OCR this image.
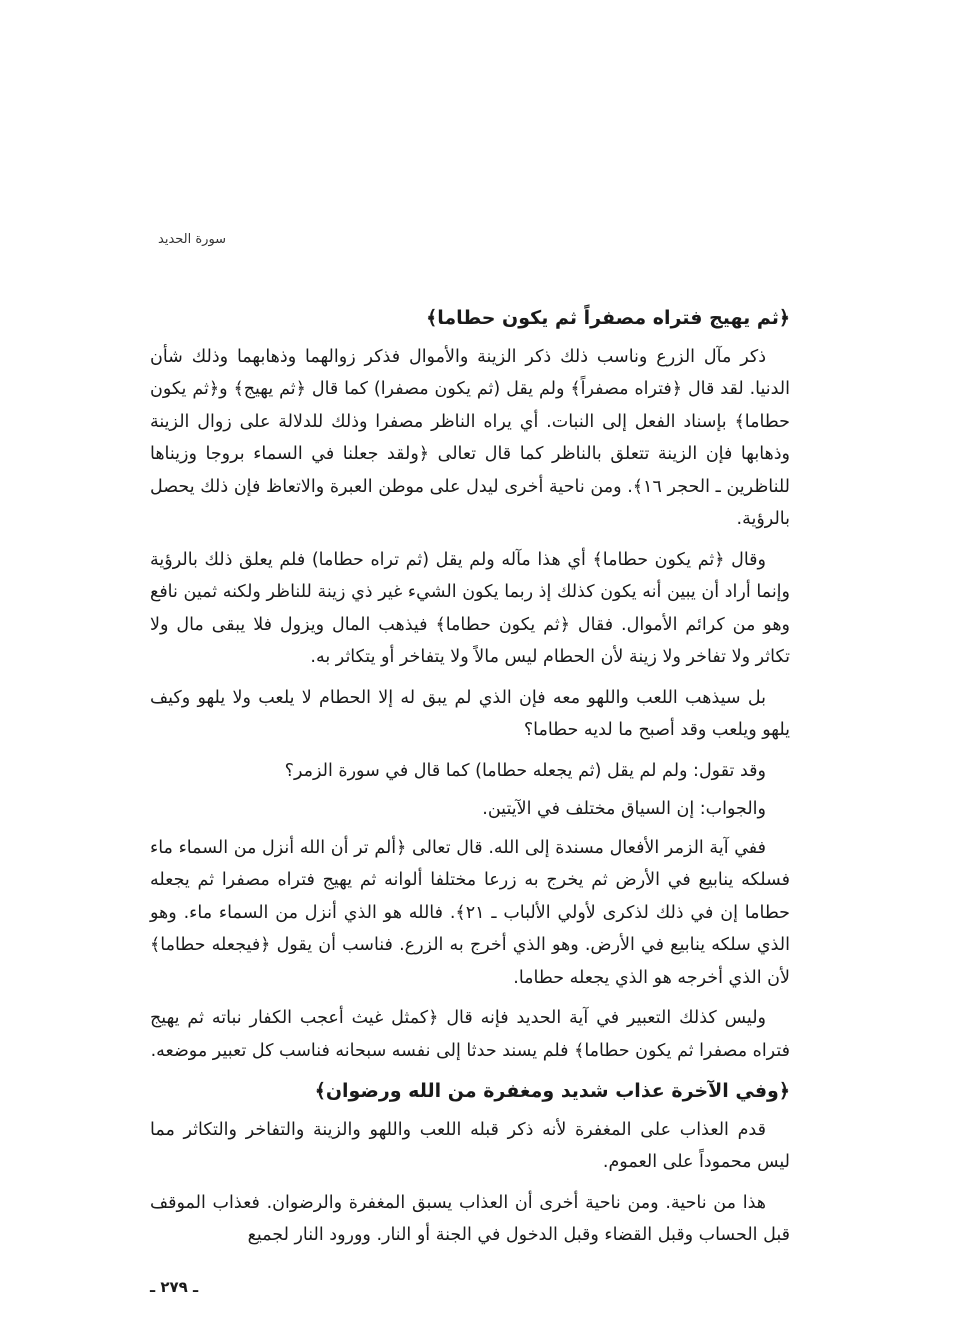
سورة الحديد

﴿ثم يهيج فتراه مصفراً ثم يكون حطاما﴾

ذكر مآل الزرع وناسب ذلك ذكر الزينة والأموال فذكر زوالهما وذهابهما وذلك شأن الدنيا. لقد قال ﴿فتراه مصفراً﴾ ولم يقل (ثم يكون مصفرا) كما قال ﴿ثم يهيج﴾ و﴿ثم يكون حطاما﴾ بإسناد الفعل إلى النبات. أي يراه الناظر مصفرا وذلك للدلالة على زوال الزينة وذهابها فإن الزينة تتعلق بالناظر كما قال تعالى ﴿ولقد جعلنا في السماء بروجا وزيناها للناظرين ـ الحجر ١٦﴾. ومن ناحية أخرى ليدل على موطن العبرة والاتعاظ فإن ذلك يحصل بالرؤية.

وقال ﴿ثم يكون حطاما﴾ أي هذا مآله ولم يقل (ثم تراه حطاما) فلم يعلق ذلك بالرؤية وإنما أراد أن يبين أنه يكون كذلك إذ ربما يكون الشيء غير ذي زينة للناظر ولكنه ثمين نافع وهو من كرائم الأموال. فقال ﴿ثم يكون حطاما﴾ فيذهب المال ويزول فلا يبقى مال ولا تكاثر ولا تفاخر ولا زينة لأن الحطام ليس مالاً ولا يتفاخر أو يتكاثر به.

بل سيذهب اللعب واللهو معه فإن الذي لم يبق له إلا الحطام لا يلعب ولا يلهو وكيف يلهو ويلعب وقد أصبح ما لديه حطاما؟

وقد تقول: ولم لم يقل (ثم يجعله حطاما) كما قال في سورة الزمر؟

والجواب: إن السياق مختلف في الآيتين.

ففي آية الزمر الأفعال مسندة إلى الله. قال تعالى ﴿ألم تر أن الله أنزل من السماء ماء فسلكه ينابيع في الأرض ثم يخرج به زرعا مختلفا ألوانه ثم يهيج فتراه مصفرا ثم يجعله حطاما إن في ذلك لذكرى لأولي الألباب ـ ٢١﴾. فالله هو الذي أنزل من السماء ماء. وهو الذي سلكه ينابيع في الأرض. وهو الذي أخرج به الزرع. فناسب أن يقول ﴿فيجعله حطاما﴾ لأن الذي أخرجه هو الذي يجعله حطاما.

وليس كذلك التعبير في آية الحديد فإنه قال ﴿كمثل غيث أعجب الكفار نباته ثم يهيج فتراه مصفرا ثم يكون حطاما﴾ فلم يسند حدثا إلى نفسه سبحانه فناسب كل تعبير موضعه.

﴿وفي الآخرة عذاب شديد ومغفرة من الله ورضوان﴾

قدم العذاب على المغفرة لأنه ذكر قبله اللعب واللهو والزينة والتفاخر والتكاثر مما ليس محموداً على العموم.

هذا من ناحية. ومن ناحية أخرى أن العذاب يسبق المغفرة والرضوان. فعذاب الموقف قبل الحساب وقبل القضاء وقبل الدخول في الجنة أو النار. وورود النار لجميع

ـ ٢٧٩ ـ
